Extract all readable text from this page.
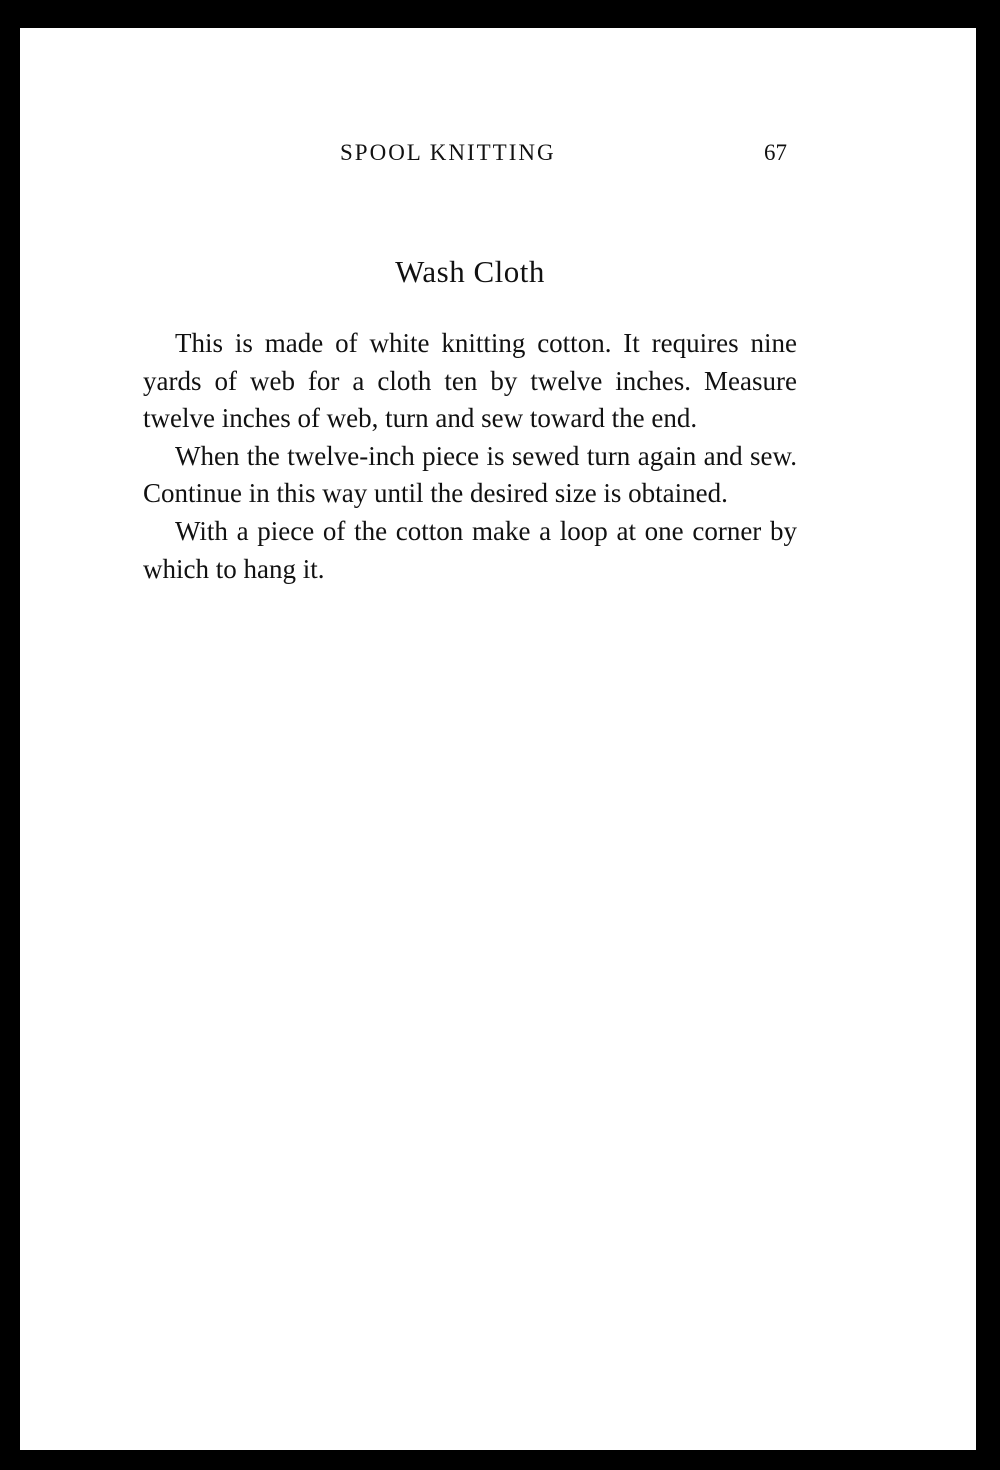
SPOOL KNITTING	67
Wash Cloth

This is made of white knitting cotton. It requires nine yards of web for a cloth ten by twelve inches. Measure twelve inches of web, turn and sew toward the end.

When the twelve-inch piece is sewed turn again and sew. Continue in this way until the desired size is obtained.

With a piece of the cotton make a loop at one corner by which to hang it.
